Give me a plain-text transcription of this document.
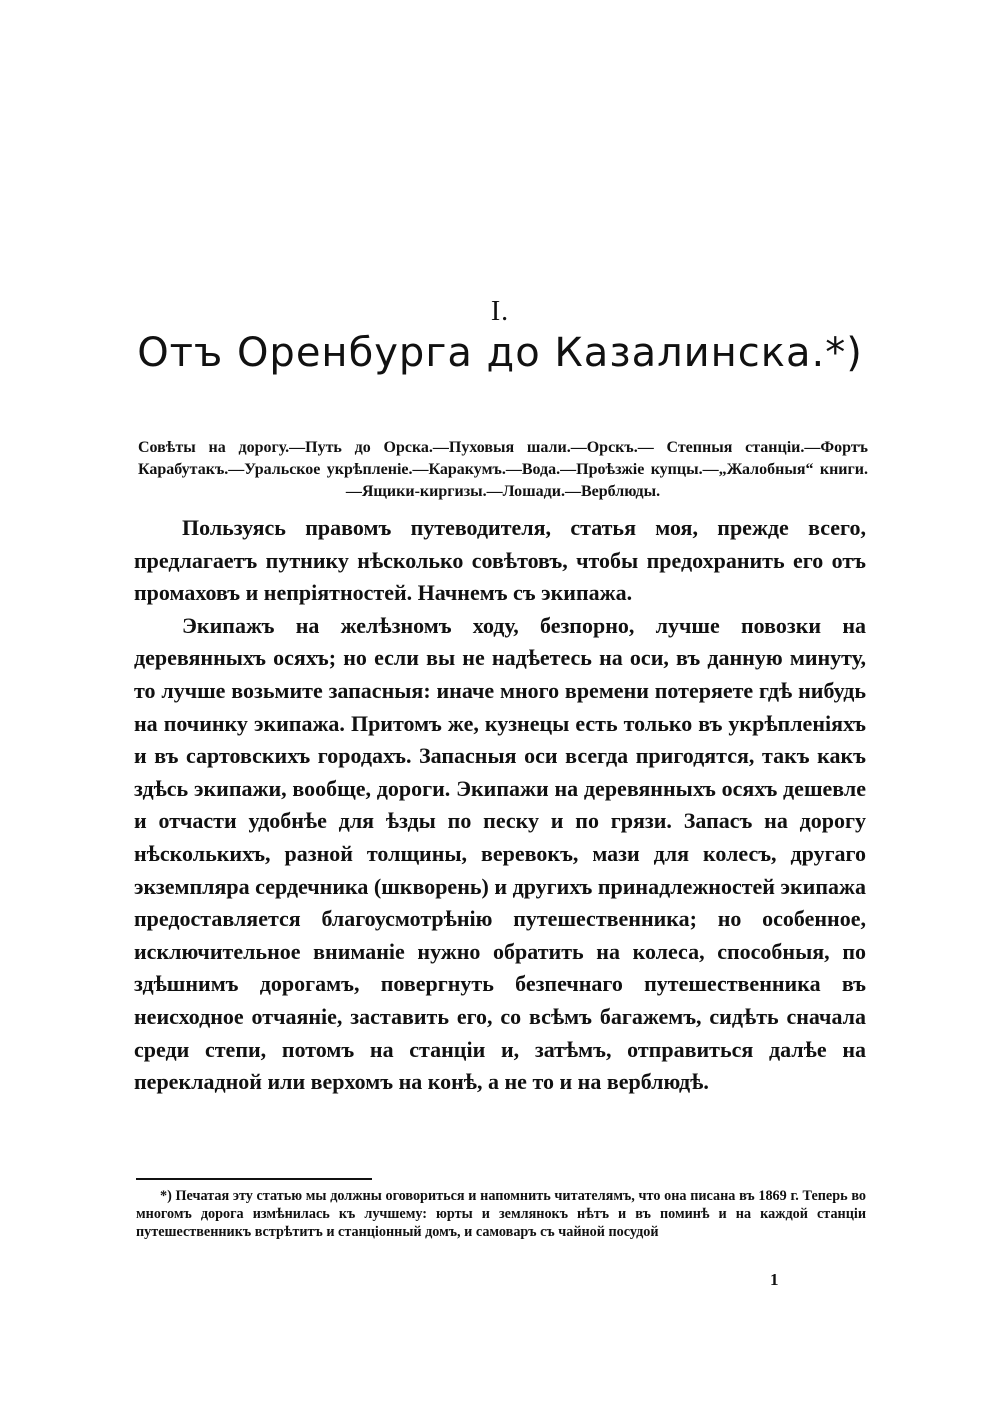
I.
Отъ Оренбурга до Казалинска.*)
Совѣты на дорогу.—Путь до Орска.—Пуховыя шали.—Орскъ.— Степныя станціи.—Фортъ Карабутакъ.—Уральское укрѣпленіе.—Каракумъ.—Вода.—Проѣзжіе купцы.—„Жалобныя“ книги.—Ящики-киргизы.—Лошади.—Верблюды.

Пользуясь правомъ путеводителя, статья моя, прежде всего, предлагаетъ путнику нѣсколько совѣтовъ, чтобы предохранить его отъ промаховъ и непріятностей. Начнемъ съ экипажа.

Экипажъ на желѣзномъ ходу, безпорно, лучше повозки на деревянныхъ осяхъ; но если вы не надѣетесь на оси, въ данную минуту, то лучше возьмите запасныя: иначе много времени потеряете гдѣ нибудь на починку экипажа. Притомъ же, кузнецы есть только въ укрѣпленіяхъ и въ сартовскихъ городахъ. Запасныя оси всегда пригодятся, такъ какъ здѣсь экипажи, вообще, дороги. Экипажи на деревянныхъ осяхъ дешевле и отчасти удобнѣе для ѣзды по песку и по грязи. Запасъ на дорогу нѣсколькихъ, разной толщины, веревокъ, мази для колесъ, другаго экземпляра сердечника (шкворень) и другихъ принадлежностей экипажа предоставляется благоусмотрѣнію путешественника; но особенное, исключительное вниманіе нужно обратить на колеса, способныя, по здѣшнимъ дорогамъ, повергнуть безпечнаго путешественника въ неисходное отчаяніе, заставить его, со всѣмъ багажемъ, сидѣть сначала среди степи, потомъ на станціи и, затѣмъ, отправиться далѣе на перекладной или верхомъ на конѣ, а не то и на верблюдѣ.

*) Печатая эту статью мы должны оговориться и напомнить читателямъ, что она писана въ 1869 г. Теперь во многомъ дорога измѣнилась къ лучшему: юрты и землянокъ нѣтъ и въ поминѣ и на каждой станціи путешественникъ встрѣтитъ и станціонный домъ, и самоваръ съ чайной посудой
1
